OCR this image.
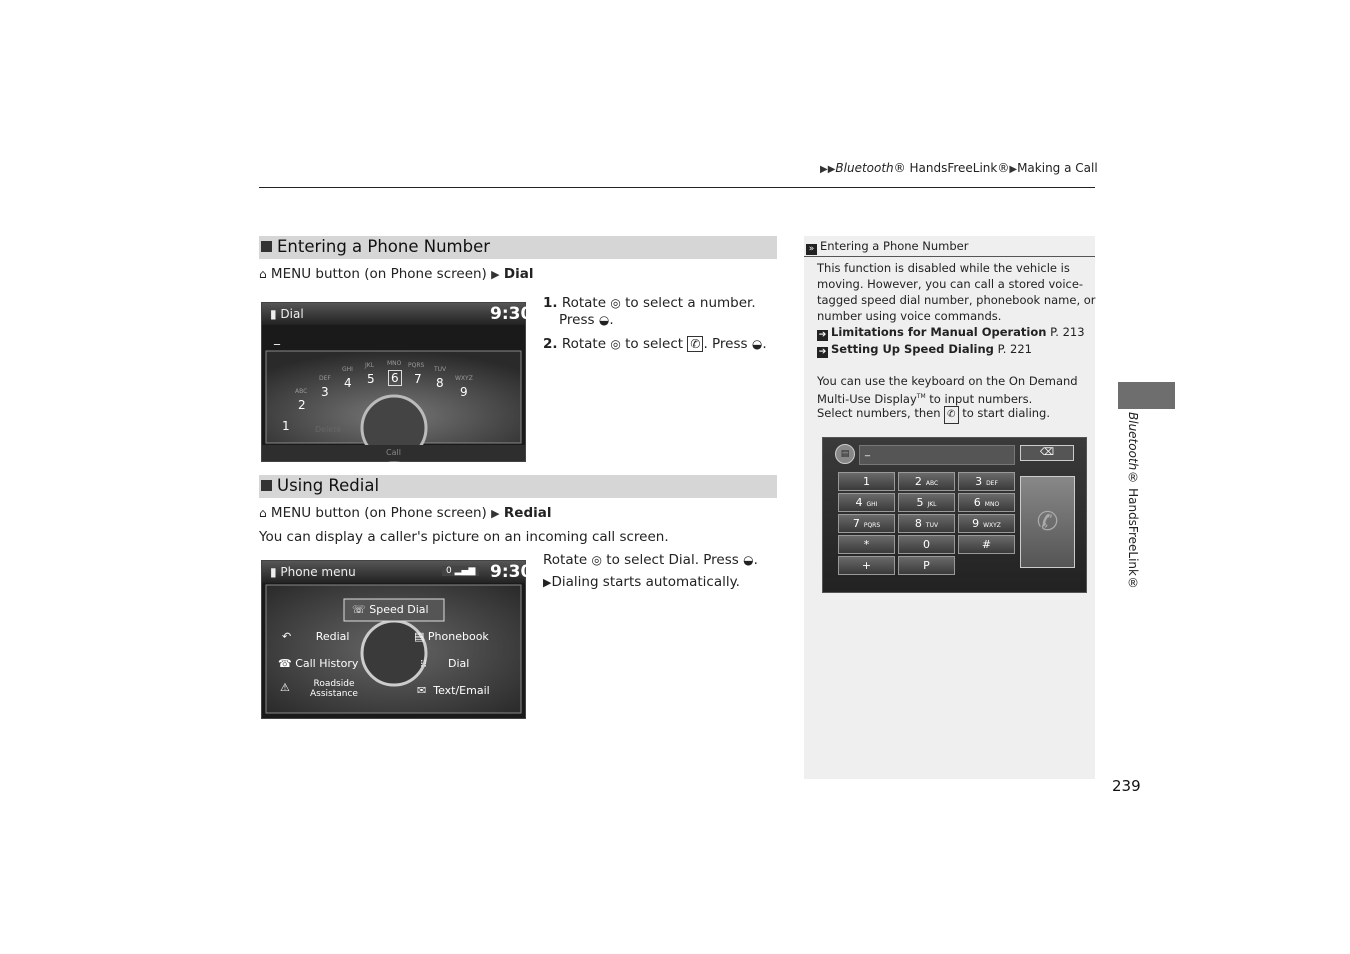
▶▶Bluetooth® HandsFreeLink®▶Making a Call
Entering a Phone Number
⌂ MENU button (on Phone screen) ▶ Dial
▮ Dial	9:30
_
1
2
3
4 5 6 7 8
9
ABC
DEF
GHI
JKL MNO PQRS
TUV
WXYZ
Delete
Call
1. Rotate ◎ to select a number.
Press ◒.
2. Rotate ◎ to select ✆ . Press ◒.
Using Redial
⌂ MENU button (on Phone screen) ▶ Redial
You can display a caller's picture on an incoming call screen.
▮ Phone menu	0 ▂▄▆ 9:30
☏ Speed Dial
↶ Redial	▤ Phonebook
☎ Call History	⁝⁝ Dial
⚠	Roadside
Assistance	✉ Text/Email
Rotate ◎ to select Dial. Press ◒.
▶Dialing starts automatically.
» Entering a Phone Number
This function is disabled while the vehicle is
moving. However, you can call a stored voice-
tagged speed dial number, phonebook name, or
number using voice commands.
➔ Limitations for Manual Operation P. 213
➔ Setting Up Speed Dialing P. 221
You can use the keyboard on the On Demand
Multi-Use Display™ to input numbers.
Select numbers, then ✆ to start dialing.
▤	_	⌫
1	2 ABC	3 DEF
4 GHI	5 JKL	6 MNO
7 PQRS	8 TUV	9 WXYZ
*	0	#
+	P
✆
Bluetooth® HandsFreeLink®
239
